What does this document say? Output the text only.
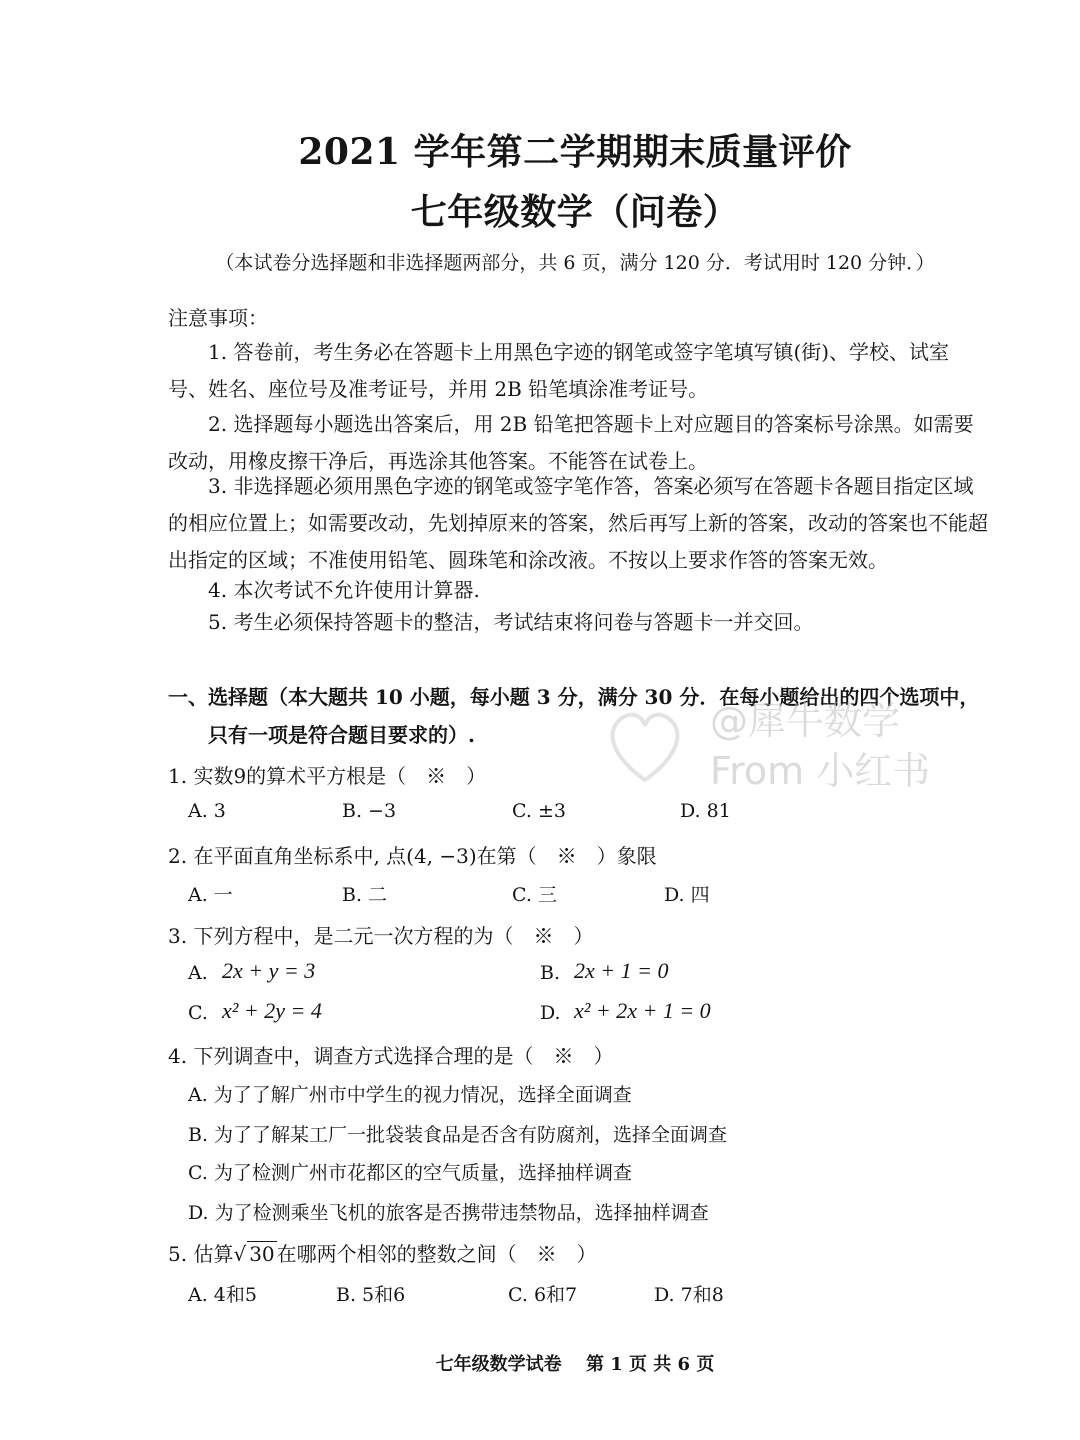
2021 学年第二学期期末质量评价
七年级数学（问卷）
（本试卷分选择题和非选择题两部分，共 6 页，满分 120 分．考试用时 120 分钟．）
注意事项：
1. 答卷前，考生务必在答题卡上用黑色字迹的钢笔或签字笔填写镇(街)、学校、试室号、姓名、座位号及准考证号，并用 2B 铅笔填涂准考证号。
2. 选择题每小题选出答案后，用 2B 铅笔把答题卡上对应题目的答案标号涂黑。如需要改动，用橡皮擦干净后，再选涂其他答案。不能答在试卷上。
3. 非选择题必须用黑色字迹的钢笔或签字笔作答，答案必须写在答题卡各题目指定区域的相应位置上；如需要改动，先划掉原来的答案，然后再写上新的答案，改动的答案也不能超出指定的区域；不准使用铅笔、圆珠笔和涂改液。不按以上要求作答的答案无效。
4. 本次考试不允许使用计算器.
5. 考生必须保持答题卡的整洁，考试结束将问卷与答题卡一并交回。
一、选择题（本大题共 10 小题，每小题 3 分，满分 30 分．在每小题给出的四个选项中，
只有一项是符合题目要求的）.	@犀牛数学
From 小红书
1. 实数9的算术平方根是（　※　）
A. 3	B. −3	C. ±3	D. 81
2. 在平面直角坐标系中, 点(4, −3)在第（　※　）象限
A. 一	B. 二	C. 三	D. 四
3. 下列方程中，是二元一次方程的为（　※　）
A. 2x + y = 3	B. 2x + 1 = 0
C. x² + 2y = 4	D. x² + 2x + 1 = 0
4. 下列调查中，调查方式选择合理的是（　※　）
A. 为了了解广州市中学生的视力情况，选择全面调查
B. 为了了解某工厂一批袋装食品是否含有防腐剂，选择全面调查
C. 为了检测广州市花都区的空气质量，选择抽样调查
D. 为了检测乘坐飞机的旅客是否携带违禁物品，选择抽样调查
5. 估算√ 30 在哪两个相邻的整数之间（　※　）
A. 4和5	B. 5和6	C. 6和7	D. 7和8
七年级数学试卷　 第 1 页 共 6 页
